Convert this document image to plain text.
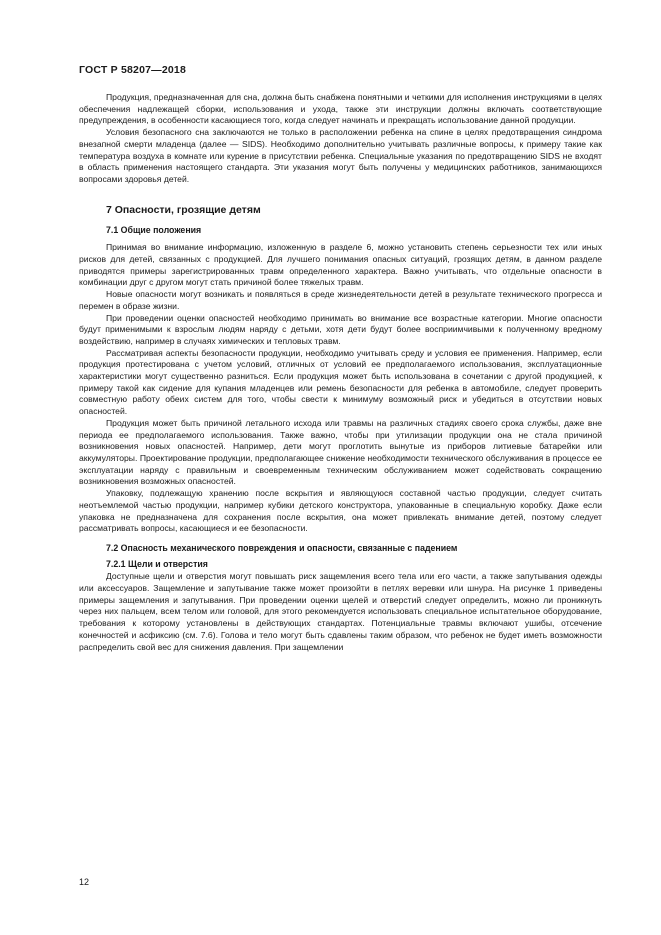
ГОСТ Р 58207—2018

Продукция, предназначенная для сна, должна быть снабжена понятными и четкими для исполнения инструкциями в целях обеспечения надлежащей сборки, использования и ухода, также эти инструкции должны включать соответствующие предупреждения, в особенности касающиеся того, когда следует начинать и прекращать использование данной продукции.

Условия безопасного сна заключаются не только в расположении ребенка на спине в целях предотвращения синдрома внезапной смерти младенца (далее — SIDS). Необходимо дополнительно учитывать различные вопросы, к примеру такие как температура воздуха в комнате или курение в присутствии ребенка. Специальные указания по предотвращению SIDS не входят в область применения настоящего стандарта. Эти указания могут быть получены у медицинских работников, занимающихся вопросами здоровья детей.

7 Опасности, грозящие детям
7.1 Общие положения

Принимая во внимание информацию, изложенную в разделе 6, можно установить степень серьезности тех или иных рисков для детей, связанных с продукцией. Для лучшего понимания опасных ситуаций, грозящих детям, в данном разделе приводятся примеры зарегистрированных травм определенного характера. Важно учитывать, что отдельные опасности в комбинации друг с другом могут стать причиной более тяжелых травм.

Новые опасности могут возникать и появляться в среде жизнедеятельности детей в результате технического прогресса и перемен в образе жизни.

При проведении оценки опасностей необходимо принимать во внимание все возрастные категории. Многие опасности будут применимыми к взрослым людям наряду с детьми, хотя дети будут более восприимчивыми к полученному вредному воздействию, например в случаях химических и тепловых травм.

Рассматривая аспекты безопасности продукции, необходимо учитывать среду и условия ее применения. Например, если продукция протестирована с учетом условий, отличных от условий ее предполагаемого использования, эксплуатационные характеристики могут существенно разниться. Если продукция может быть использована в сочетании с другой продукцией, к примеру такой как сидение для купания младенцев или ремень безопасности для ребенка в автомобиле, следует проверить совместную работу обеих систем для того, чтобы свести к минимуму возможный риск и убедиться в отсутствии новых опасностей.

Продукция может быть причиной летального исхода или травмы на различных стадиях своего срока службы, даже вне периода ее предполагаемого использования. Также важно, чтобы при утилизации продукции она не стала причиной возникновения новых опасностей. Например, дети могут проглотить вынутые из приборов литиевые батарейки или аккумуляторы. Проектирование продукции, предполагающее снижение необходимости технического обслуживания в процессе ее эксплуатации наряду с правильным и своевременным техническим обслуживанием может содействовать сокращению возникновения возможных опасностей.

Упаковку, подлежащую хранению после вскрытия и являющуюся составной частью продукции, следует считать неотъемлемой частью продукции, например кубики детского конструктора, упакованные в специальную коробку. Даже если упаковка не предназначена для сохранения после вскрытия, она может привлекать внимание детей, поэтому следует рассматривать вопросы, касающиеся и ее безопасности.

7.2 Опасность механического повреждения и опасности, связанные с падением
7.2.1 Щели и отверстия

Доступные щели и отверстия могут повышать риск защемления всего тела или его части, а также запутывания одежды или аксессуаров. Защемление и запутывание также может произойти в петлях веревки или шнура. На рисунке 1 приведены примеры защемления и запутывания. При проведении оценки щелей и отверстий следует определить, можно ли проникнуть через них пальцем, всем телом или головой, для этого рекомендуется использовать специальное испытательное оборудование, требования к которому установлены в действующих стандартах. Потенциальные травмы включают ушибы, отсечение конечностей и асфиксию (см. 7.6). Голова и тело могут быть сдавлены таким образом, что ребенок не будет иметь возможности распределить свой вес для снижения давления. При защемлении

12
